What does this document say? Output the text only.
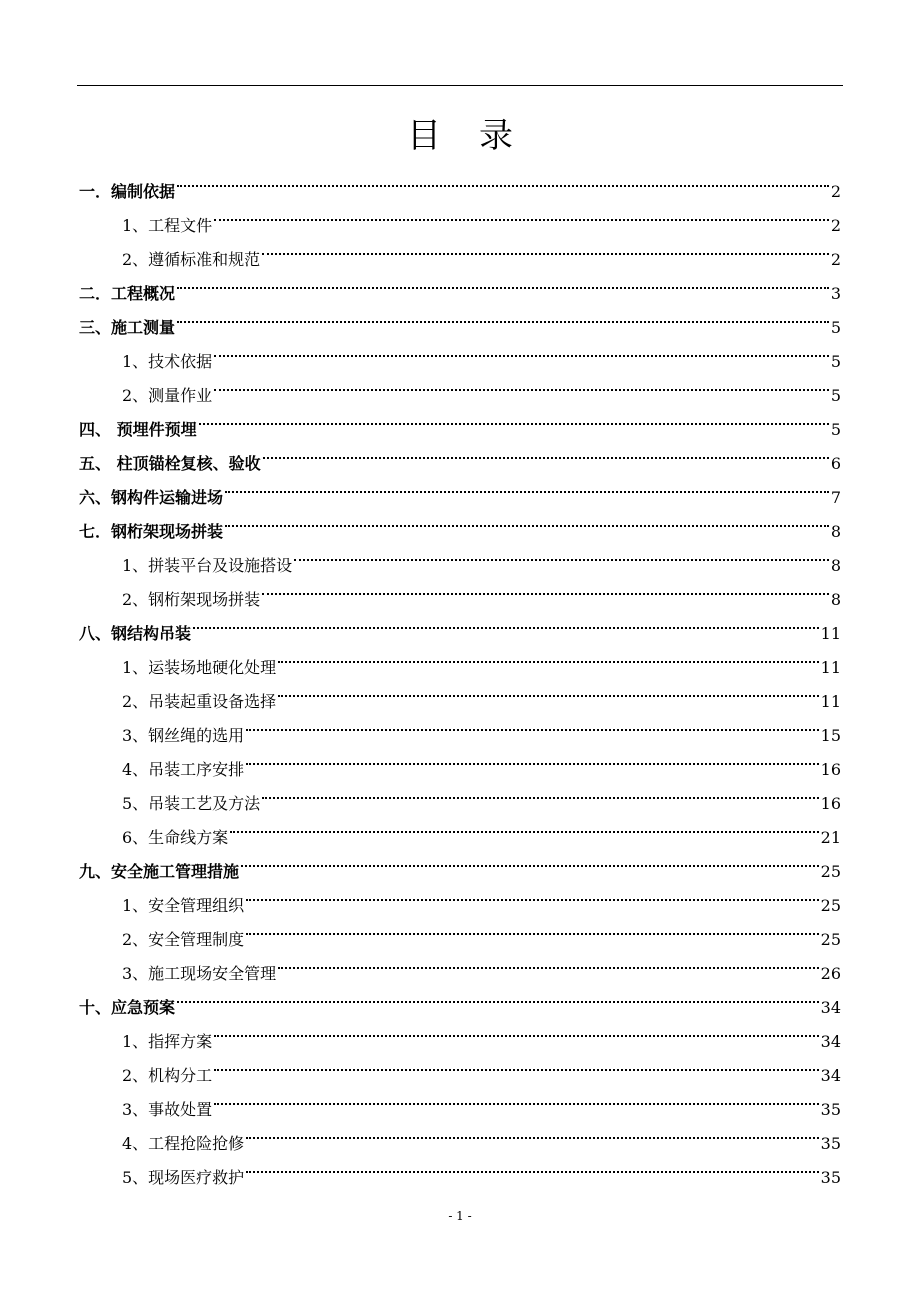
目 录
一．编制依据	2
1、工程文件	2
2、遵循标准和规范	2
二．工程概况	3
三、施工测量	5
1、技术依据	5
2、测量作业	5
四、 预埋件预埋	5
五、 柱顶锚栓复核、验收	6
六、钢构件运输进场	7
七．钢桁架现场拼装	8
1、拼装平台及设施搭设	8
2、钢桁架现场拼装	8
八、钢结构吊装	11
1、运装场地硬化处理	11
2、吊装起重设备选择	11
3、钢丝绳的选用	15
4、吊装工序安排	16
5、吊装工艺及方法	16
6、生命线方案	21
九、安全施工管理措施	25
1、安全管理组织	25
2、安全管理制度	25
3、施工现场安全管理	26
十、应急预案	34
1、指挥方案	34
2、机构分工	34
3、事故处置	35
4、工程抢险抢修	35
5、现场医疗救护	35
- 1 -
